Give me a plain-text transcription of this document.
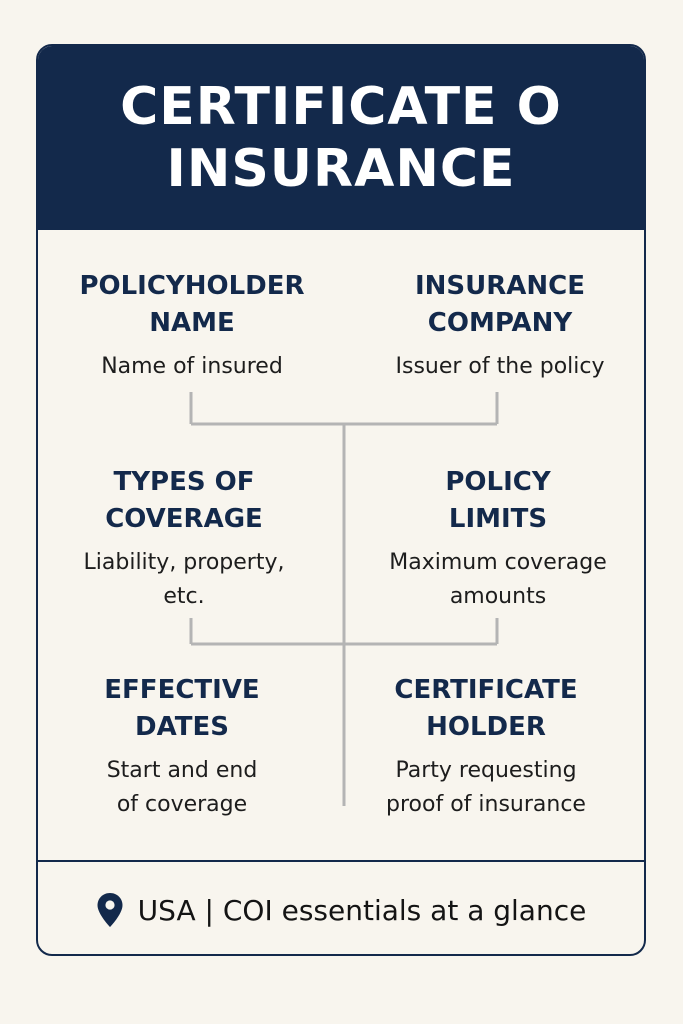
CERTIFICATE O
INSURANCE
POLICYHOLDER
NAME
Name of insured
INSURANCE
COMPANY
Issuer of the policy
TYPES OF
COVERAGE
Liability, property,
etc.
POLICY
LIMITS
Maximum coverage
amounts
EFFECTIVE
DATES
Start and end
of coverage
CERTIFICATE
HOLDER
Party requesting
proof of insurance
USA | COI essentials at a glance
